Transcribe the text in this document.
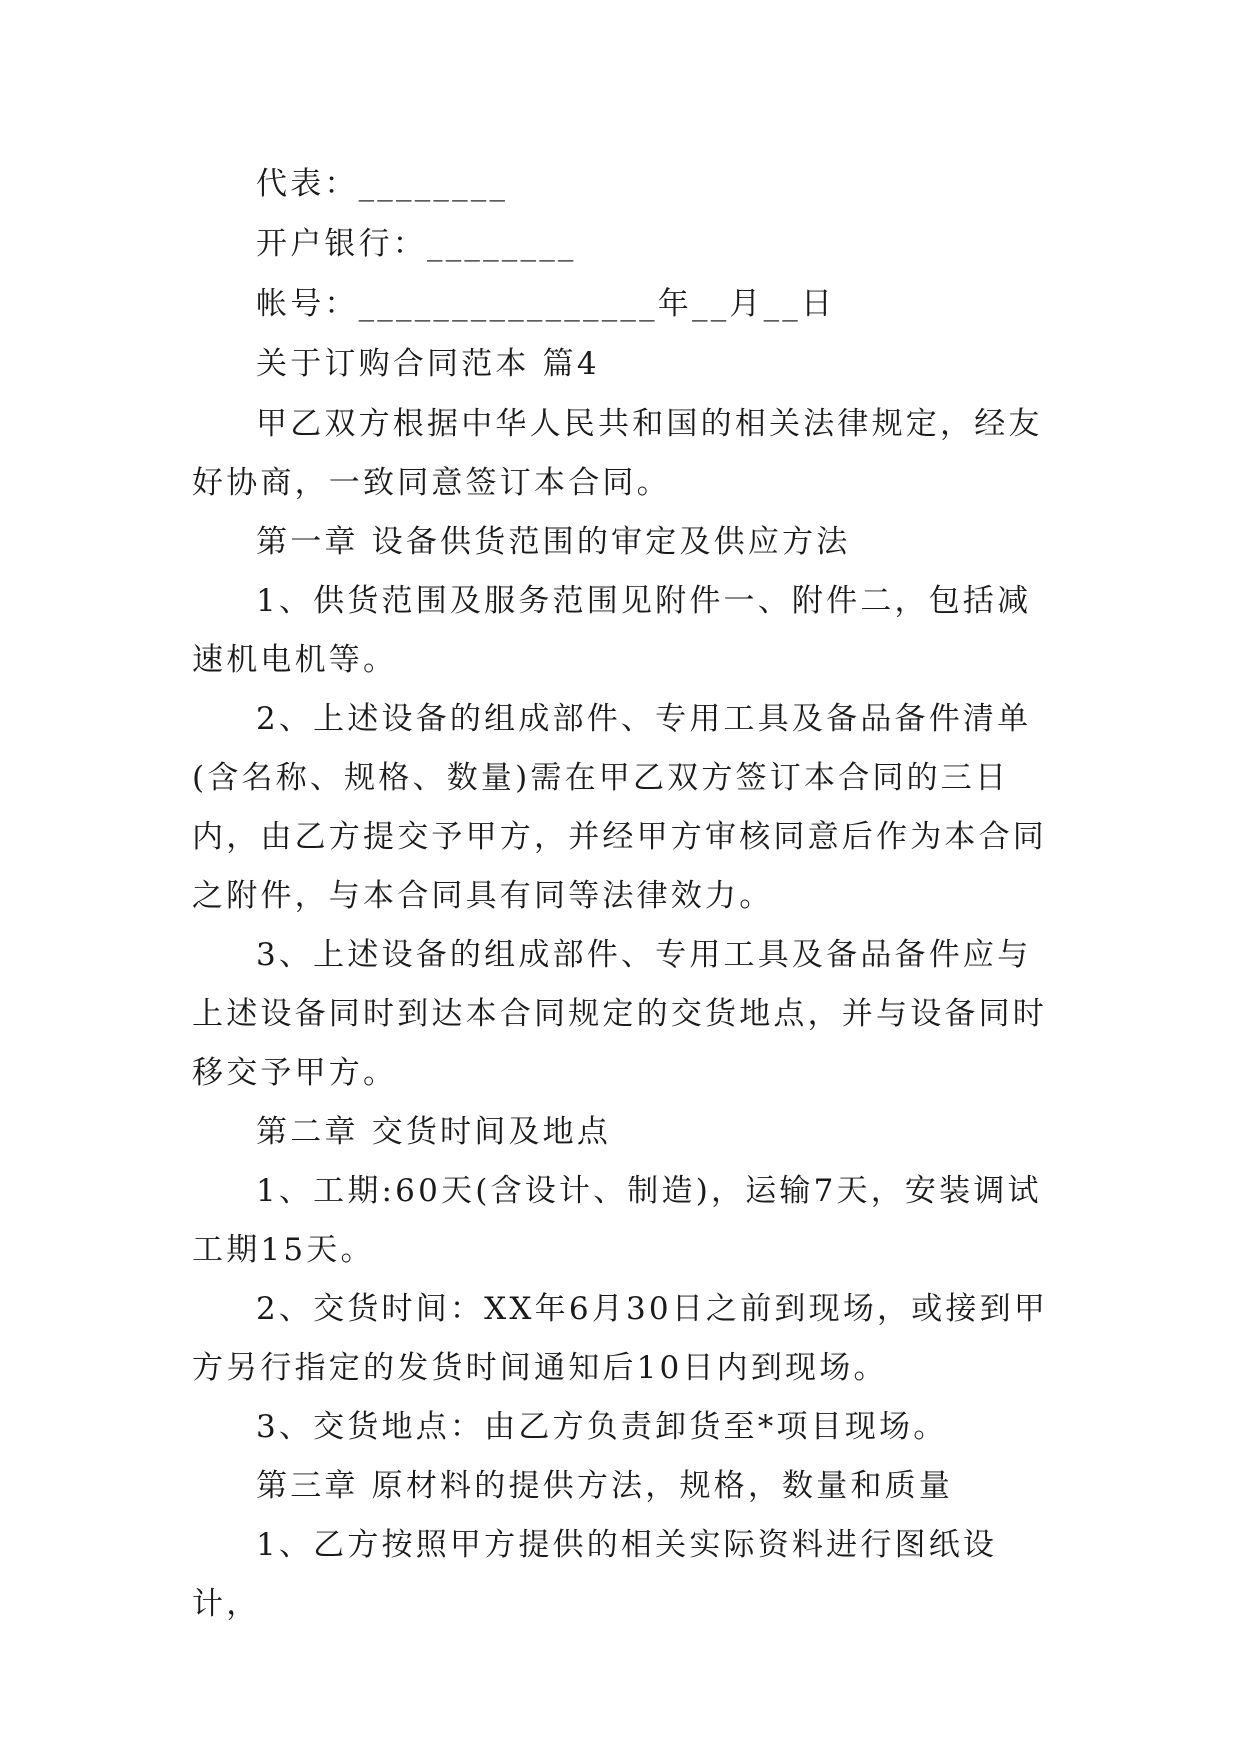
代表：________

开户银行：________

帐号：________________年__月__日

关于订购合同范本 篇4

甲乙双方根据中华人民共和国的相关法律规定，经友好协商，一致同意签订本合同。

第一章 设备供货范围的审定及供应方法

1、供货范围及服务范围见附件一、附件二，包括减速机电机等。

2、上述设备的组成部件、专用工具及备品备件清单(含名称、规格、数量)需在甲乙双方签订本合同的三日内，由乙方提交予甲方，并经甲方审核同意后作为本合同之附件，与本合同具有同等法律效力。

3、上述设备的组成部件、专用工具及备品备件应与上述设备同时到达本合同规定的交货地点，并与设备同时移交予甲方。

第二章 交货时间及地点

1、工期:60天(含设计、制造)，运输7天，安装调试工期15天。

2、交货时间：XX年6月30日之前到现场，或接到甲方另行指定的发货时间通知后10日内到现场。

3、交货地点：由乙方负责卸货至*项目现场。

第三章 原材料的提供方法，规格，数量和质量

1、乙方按照甲方提供的相关实际资料进行图纸设计，
